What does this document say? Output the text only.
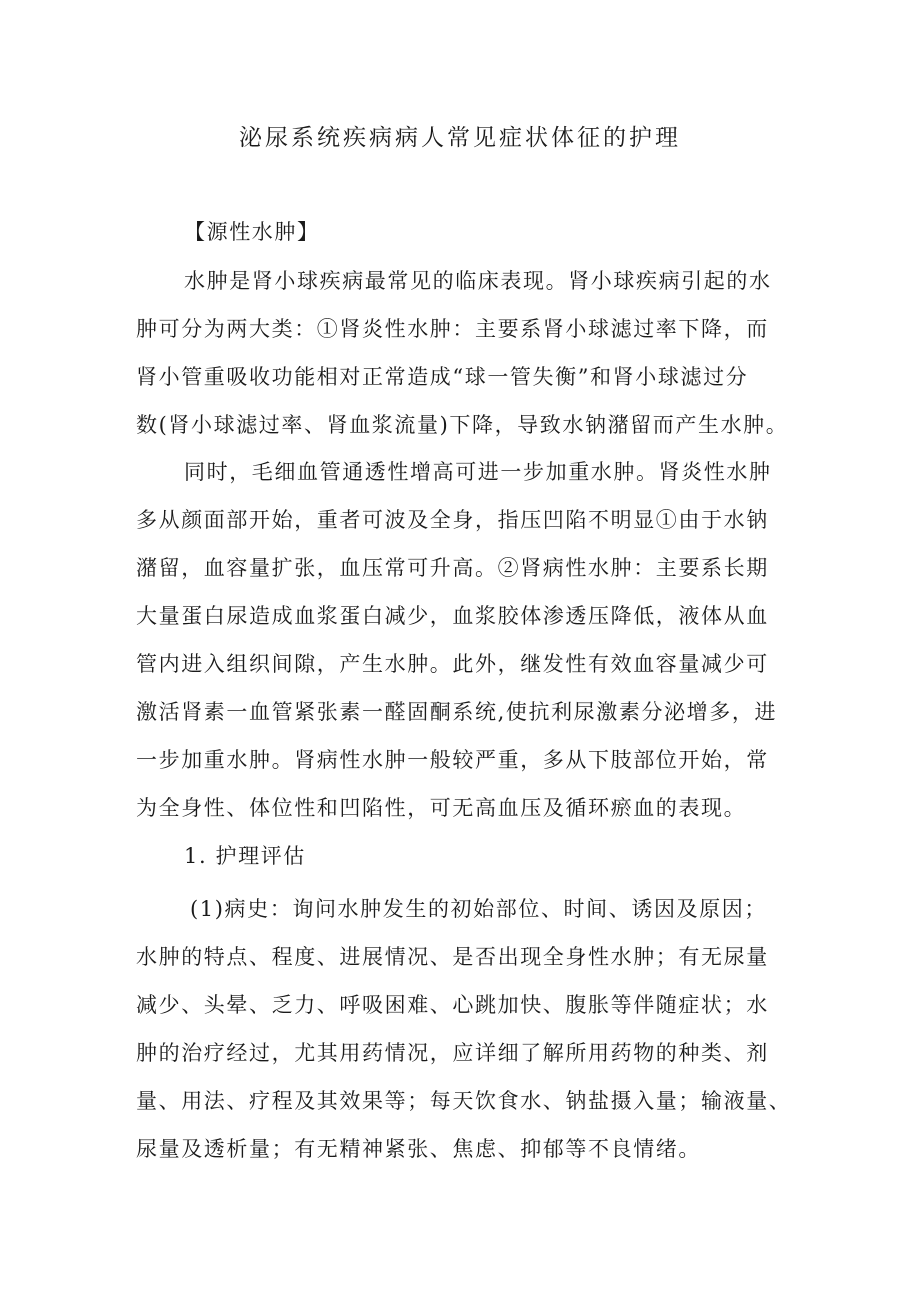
泌尿系统疾病病人常见症状体征的护理
【源性水肿】
水肿是肾小球疾病最常见的临床表现。肾小球疾病引起的水
肿可分为两大类：①肾炎性水肿：主要系肾小球滤过率下降，而
肾小管重吸收功能相对正常造成“球一管失衡”和肾小球滤过分
数(肾小球滤过率、肾血浆流量)下降，导致水钠潴留而产生水肿。
同时，毛细血管通透性增高可进一步加重水肿。肾炎性水肿
多从颜面部开始，重者可波及全身，指压凹陷不明显①由于水钠
潴留，血容量扩张，血压常可升高。②肾病性水肿：主要系长期
大量蛋白尿造成血浆蛋白减少，血浆胶体渗透压降低，液体从血
管内进入组织间隙，产生水肿。此外，继发性有效血容量减少可
激活肾素一血管紧张素一醛固酮系统,使抗利尿激素分泌增多，进
一步加重水肿。肾病性水肿一般较严重，多从下肢部位开始，常
为全身性、体位性和凹陷性，可无高血压及循环瘀血的表现。
1. 护理评估
(1)病史：询问水肿发生的初始部位、时间、诱因及原因；
水肿的特点、程度、进展情况、是否出现全身性水肿；有无尿量
减少、头晕、乏力、呼吸困难、心跳加快、腹胀等伴随症状；水
肿的治疗经过，尤其用药情况，应详细了解所用药物的种类、剂
量、用法、疗程及其效果等；每天饮食水、钠盐摄入量；输液量、
尿量及透析量；有无精神紧张、焦虑、抑郁等不良情绪。
